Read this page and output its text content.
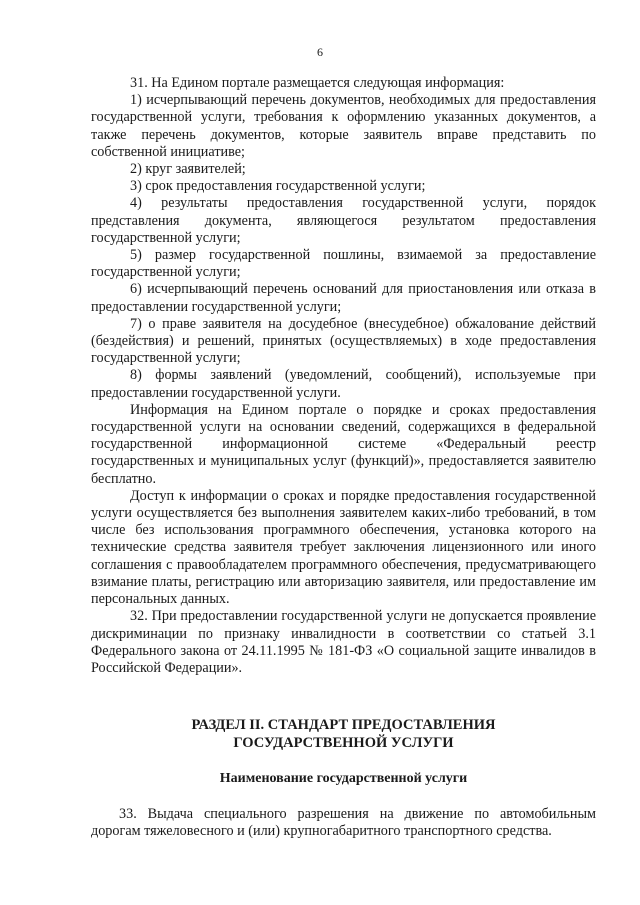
6

31. На Едином портале размещается следующая информация:

1) исчерпывающий перечень документов, необходимых для предоставления государственной услуги, требования к оформлению указанных документов, а также перечень документов, которые заявитель вправе представить по собственной инициативе;

2) круг заявителей;

3) срок предоставления государственной услуги;

4) результаты предоставления государственной услуги, порядок представления документа, являющегося результатом предоставления государственной услуги;

5) размер государственной пошлины, взимаемой за предоставление государственной услуги;

6) исчерпывающий перечень оснований для приостановления или отказа в предоставлении государственной услуги;

7) о праве заявителя на досудебное (внесудебное) обжалование действий (бездействия) и решений, принятых (осуществляемых) в ходе предоставления государственной услуги;

8) формы заявлений (уведомлений, сообщений), используемые при предоставлении государственной услуги.

Информация на Едином портале о порядке и сроках предоставления государственной услуги на основании сведений, содержащихся в федеральной государственной информационной системе «Федеральный реестр государственных и муниципальных услуг (функций)», предоставляется заявителю бесплатно.

Доступ к информации о сроках и порядке предоставления государственной услуги осуществляется без выполнения заявителем каких-либо требований, в том числе без использования программного обеспечения, установка которого на технические средства заявителя требует заключения лицензионного или иного соглашения с правообладателем программного обеспечения, предусматривающего взимание платы, регистрацию или авторизацию заявителя, или предоставление им персональных данных.

32. При предоставлении государственной услуги не допускается проявление дискриминации по признаку инвалидности в соответствии со статьей 3.1 Федерального закона от 24.11.1995 № 181-ФЗ «О социальной защите инвалидов в Российской Федерации».

РАЗДЕЛ II. СТАНДАРТ ПРЕДОСТАВЛЕНИЯ
ГОСУДАРСТВЕННОЙ УСЛУГИ
Наименование государственной услуги

33. Выдача специального разрешения на движение по автомобильным дорогам тяжеловесного и (или) крупногабаритного транспортного средства.
